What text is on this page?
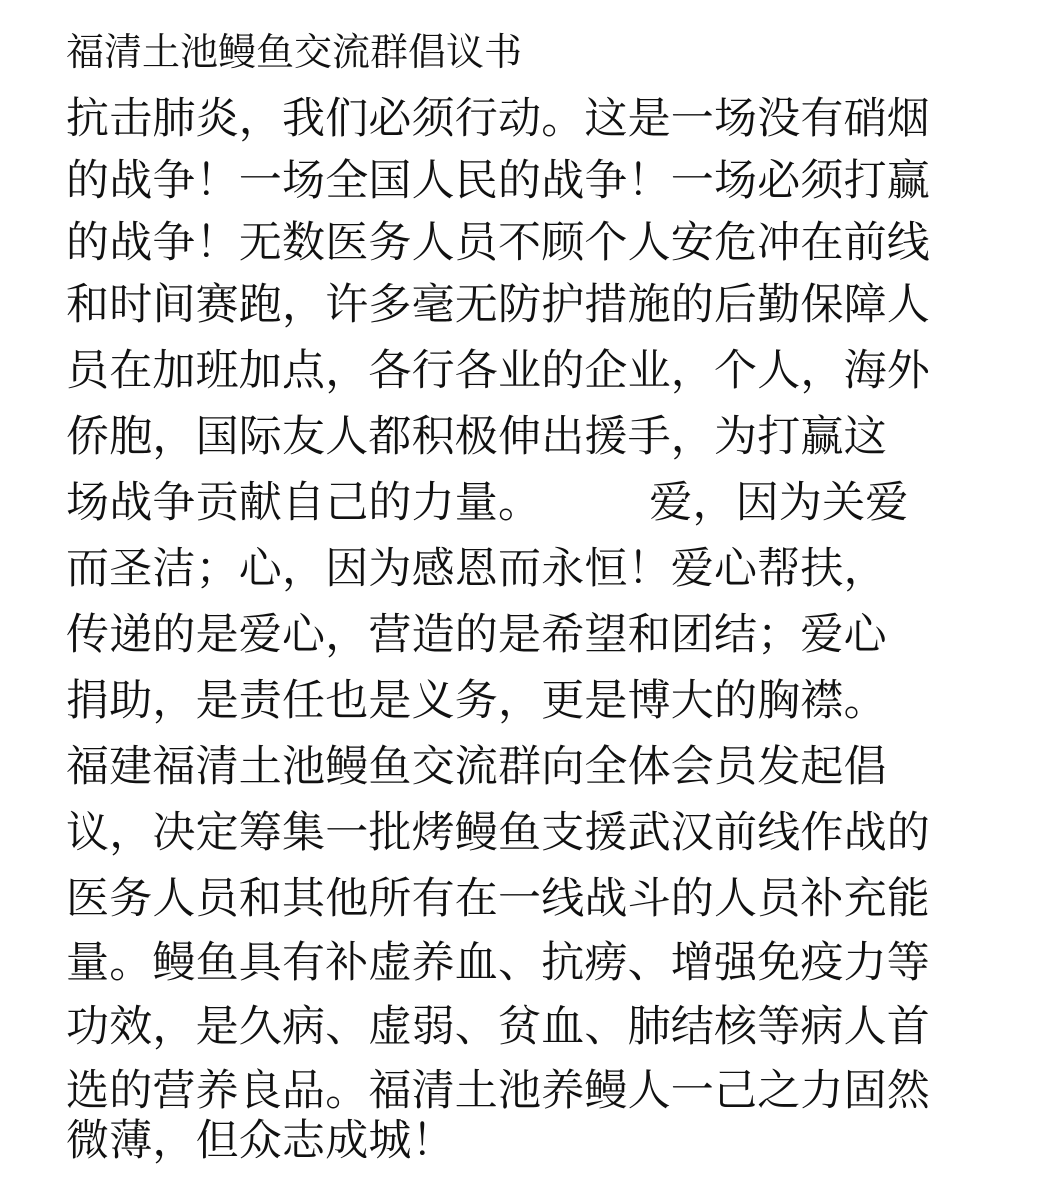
福清土池鳗鱼交流群倡议书
抗击肺炎，我们必须行动。这是一场没有硝烟
的战争！一场全国人民的战争！一场必须打赢
的战争！无数医务人员不顾个人安危冲在前线
和时间赛跑，许多毫无防护措施的后勤保障人
员在加班加点，各行各业的企业，个人，海外
侨胞，国际友人都积极伸出援手，为打赢这
场战争贡献自己的力量。　　　爱，因为关爱
而圣洁；心，因为感恩而永恒！爱心帮扶，
传递的是爱心，营造的是希望和团结；爱心
捐助，是责任也是义务，更是博大的胸襟。
福建福清土池鳗鱼交流群向全体会员发起倡
议，决定筹集一批烤鳗鱼支援武汉前线作战的
医务人员和其他所有在一线战斗的人员补充能
量。鳗鱼具有补虚养血、抗痨、增强免疫力等
功效，是久病、虚弱、贫血、肺结核等病人首
选的营养良品。福清土池养鳗人一己之力固然
微薄，但众志成城！
